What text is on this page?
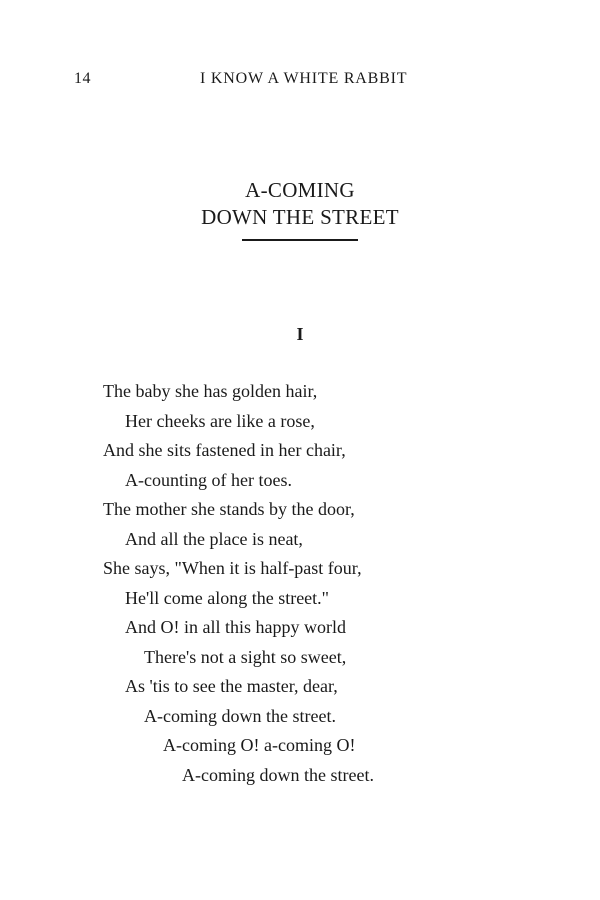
14	I KNOW A WHITE RABBIT
A-COMING
DOWN THE STREET
I
The baby she has golden hair,
Her cheeks are like a rose,
And she sits fastened in her chair,
A-counting of her toes.
The mother she stands by the door,
And all the place is neat,
She says, "When it is half-past four,
He'll come along the street."
And O! in all this happy world
There's not a sight so sweet,
As 'tis to see the master, dear,
A-coming down the street.
A-coming O! a-coming O!
A-coming down the street.
